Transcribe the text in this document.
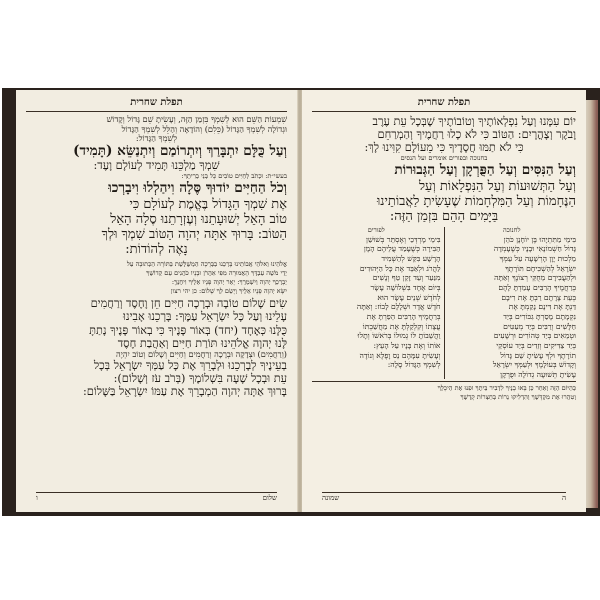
תפלת שחרית
שִׁמְעוֹת הַשֵּׁם הוּא לְשִׁמְךָ בִּזְמַן הַזֶּה, וְעָשִׂיתָ שֵׁם גָּדוֹל וְקָדוֹשׁ
וּגְדוֹלָה לְשִׁמְךָ הַגָּדוֹל (כֵּלִם) וְהוֹדָאָה וְהַלֵּל לְשִׁמְךָ הַגָּדוֹל
לְשִׁמְךָ הַגָּדוֹל:
וְעַל כֻּלָּם יִתְבָּרַךְ וְיִתְרוֹמַם וְיִתְנַשֵּׂא (תָּמִיד)
שִׁמְךָ מַלְכֵּנוּ תָּמִיד לְעוֹלָם וָעֶד:
בעשי״ת: וּכְתֹב לְחַיִּים טוֹבִים כָּל בְּנֵי בְרִיתֶךָ:
וְכֹל הַחַיִּים יוֹדוּךָ סֶּלָה וִיהַלְלוּ וִיבָרְכוּ
אֶת שִׁמְךָ הַגָּדוֹל בֶּאֱמֶת לְעוֹלָם כִּי
טוֹב הָאֵל יְשׁוּעָתֵנוּ וְעֶזְרָתֵנוּ סֶלָה הָאֵל
הַטּוֹב: בָּרוּךְ אַתָּה יְהוָה הַטּוֹב שִׁמְךָ וּלְךָ
נָאֶה לְהוֹדוֹת:
אֱלֹהֵינוּ וֵאלֹהֵי אֲבוֹתֵינוּ בָּרְכֵנוּ בַבְּרָכָה הַמְשֻׁלֶּשֶׁת בַּתּוֹרָה הַכְּתוּבָה עַל
יְדֵי מֹשֶׁה עַבְדֶּךָ הָאֲמוּרָה מִפִּי אַהֲרֹן וּבָנָיו כֹּהֲנִים עַם קְדוֹשֶׁךָ
יְבָרֶכְךָ יְהוָה וְיִשְׁמְרֶךָ: יָאֵר יְהוָה פָּנָיו אֵלֶיךָ וִיחֻנֶּךָּ:
יִשָּׂא יְהוָה פָּנָיו אֵלֶיךָ וְיָשֵׂם לְךָ שָׁלוֹם: כן יהי רצון
שִׂים שָׁלוֹם טוֹבָה וּבְרָכָה חַיִּים חֵן וָחֶסֶד וְרַחֲמִים
עָלֵינוּ וְעַל כָּל יִשְׂרָאֵל עַמֶּךָ: בָּרְכֵנוּ אָבִינוּ
כֻּלָּנוּ כְּאֶחָד (יחד) בְּאוֹר פָּנֶיךָ כִּי בְאוֹר פָּנֶיךָ נָתַתָּ
לָּנוּ יְהוָה אֱלֹהֵינוּ תּוֹרַת חַיִּים וְאַהֲבַת חֶסֶד
(וְרַחֲמִים) וּצְדָקָה וּבְרָכָה וְרַחֲמִים וְחַיִּים וְשָׁלוֹם וְטוֹב יִהְיֶה
בְעֵינֶיךָ לְבָרְכֵנוּ וּלְבָרֵךְ אֶת כָּל עַמְּךָ יִשְׂרָאֵל בְּכָל
עֵת וּבְכָל שָׁעָה בִּשְׁלוֹמֶךָ (בְּרֹב עֹז וְשָׁלוֹם):
בָּרוּךְ אַתָּה יְהוָה הַמְבָרֵךְ אֶת עַמּוֹ יִשְׂרָאֵל בַּשָּׁלוֹם:
שלום
ו
תפלת שחרית
יוֹם עִמָּנוּ וְעַל נִפְלְאוֹתֶיךָ וְטוֹבוֹתֶיךָ שֶׁבְּכָל עֵת עֶרֶב
וָבֹקֶר וְצָהֳרָיִם: הַטּוֹב כִּי לֹא כָלוּ רַחֲמֶיךָ וְהַמְרַחֵם
כִּי לֹא תַמּוּ חֲסָדֶיךָ כִּי מֵעוֹלָם קִוִּינוּ לָךְ:
בחנוכה ובפורים אומרים ועל הנסים
וְעַל הַנִּסִּים וְעַל הַפֻּרְקָן וְעַל הַגְּבוּרוֹת
וְעַל הַתְּשׁוּעוֹת וְעַל הַנִּפְלָאוֹת וְעַל
הַנֶּחָמוֹת וְעַל הַמִּלְחָמוֹת שֶׁעָשִׂיתָ לַאֲבוֹתֵינוּ
בַּיָּמִים הָהֵם בִּזְמַן הַזֶּה:
לחנוכה
בִּימֵי מַתִּתְיָהוּ בֶּן יוֹחָנָן כֹּהֵן
גָּדוֹל חַשְׁמוֹנָאִי וּבָנָיו כְּשֶׁעָמְדָה
מַלְכוּת יָוָן הָרְשָׁעָה עַל עַמְּךָ
יִשְׂרָאֵל לְהַשְׁכִּיחָם תּוֹרָתֶךָ
וּלְהַעֲבִירָם מֵחֻקֵּי רְצוֹנֶךָ וְאַתָּה
בְּרַחֲמֶיךָ הָרַבִּים עָמַדְתָּ לָהֶם
בְּעֵת צָרָתָם רַבְתָּ אֶת רִיבָם
דַּנְתָּ אֶת דִּינָם נָקַמְתָּ אֶת
נִקְמָתָם מָסַרְתָּ גִבּוֹרִים בְּיַד
חַלָּשִׁים וְרַבִּים בְּיַד מְעַטִּים
וּטְמֵאִים בְּיַד טְהוֹרִים וּרְשָׁעִים
בְּיַד צַדִּיקִים וְזֵדִים בְּיַד עוֹסְקֵי
תוֹרָתֶךָ וּלְךָ עָשִׂיתָ שֵׁם גָּדוֹל
וְקָדוֹשׁ בְּעוֹלָמֶךָ וּלְעַמְּךָ יִשְׂרָאֵל
עָשִׂיתָ תְּשׁוּעָה גְדוֹלָה וּפֻרְקָן
לפורים
בִּימֵי מָרְדְּכַי וְאֶסְתֵּר בְּשׁוּשַׁן
הַבִּירָה כְּשֶׁעָמַד עֲלֵיהֶם הָמָן
הָרָשָׁע בִּקֵּשׁ לְהַשְׁמִיד
לַהֲרֹג וּלְאַבֵּד אֶת כָּל הַיְּהוּדִים
מִנַּעַר וְעַד זָקֵן טַף וְנָשִׁים
בְּיוֹם אֶחָד בִּשְׁלוֹשָׁה עָשָׂר
לְחֹדֶשׁ שְׁנֵים עָשָׂר הוּא
חֹדֶשׁ אֲדָר וּשְׁלָלָם לָבוֹז: וְאַתָּה
בְּרַחֲמֶיךָ הָרַבִּים הֵפַרְתָּ אֶת
עֲצָתוֹ וְקִלְקַלְתָּ אֶת מַחֲשַׁבְתּוֹ
וַהֲשֵׁבוֹתָ לּוֹ גְמוּלוֹ בְּרֹאשׁוֹ וְתָלוּ
אוֹתוֹ וְאֶת בָּנָיו עַל הָעֵץ:
וְעָשִׂיתָ עִמָּהֶם נֵס וָפֶלֶא וְנוֹדֶה
לְשִׁמְךָ הַגָּדוֹל סֶלָה:
כְּהַיּוֹם הַזֶּה וְאַחַר כֵּן בָּאוּ בָנֶיךָ לִדְבִיר בֵּיתֶךָ וּפִנּוּ אֶת הֵיכָלֶךָ
וְטִהֲרוּ אֶת מִקְדָּשֶׁךָ וְהִדְלִיקוּ נֵרוֹת בְּחַצְרוֹת קָדְשֶׁךָ
ה
שמונה
